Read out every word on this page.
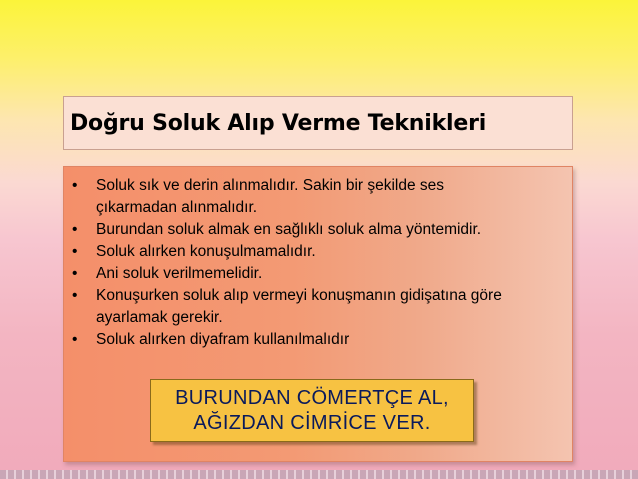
Doğru Soluk Alıp Verme Teknikleri
•	Soluk sık ve derin alınmalıdır. Sakin bir şekilde ses
çıkarmadan alınmalıdır.
•	Burundan soluk almak en sağlıklı soluk alma yöntemidir.
•	Soluk alırken konuşulmamalıdır.
•	Ani soluk verilmemelidir.
•	Konuşurken soluk alıp vermeyi konuşmanın gidişatına göre
ayarlamak gerekir.
•	Soluk alırken diyafram kullanılmalıdır
BURUNDAN CÖMERTÇE AL,
AĞIZDAN CİMRİCE VER.
